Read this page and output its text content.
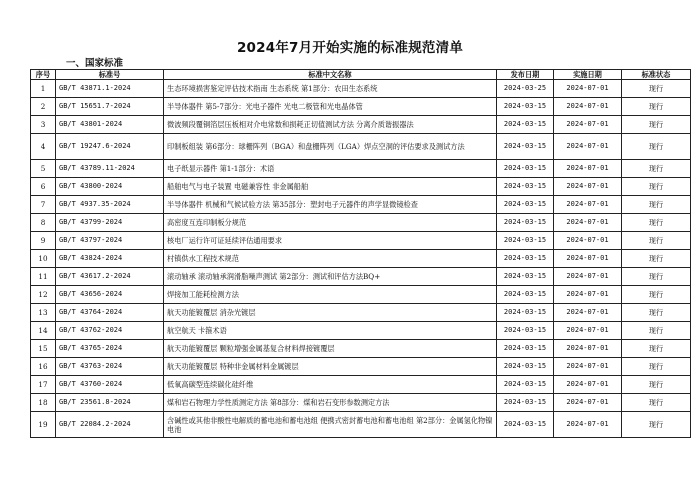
2024年7月开始实施的标准规范清单
一、国家标准
序号	标准号	标准中文名称	发布日期	实施日期	标准状态
1	GB/T 43871.1-2024	生态环境损害鉴定评估技术指南 生态系统 第1部分：农田生态系统	2024-03-25	2024-07-01	现行
2	GB/T 15651.7-2024	半导体器件 第5-7部分：光电子器件 光电二极管和光电晶体管	2024-03-15	2024-07-01	现行
3	GB/T 43801-2024	微波频段覆铜箔层压板相对介电常数和损耗正切值测试方法 分离介质谐振器法	2024-03-15	2024-07-01	现行
4	GB/T 19247.6-2024	印制板组装 第6部分：球栅阵列（BGA）和盘栅阵列（LGA）焊点空洞的评估要求及测试方法	2024-03-15	2024-07-01	现行
5	GB/T 43789.11-2024	电子纸显示器件 第1-1部分：术语	2024-03-15	2024-07-01	现行
6	GB/T 43800-2024	船舶电气与电子装置 电磁兼容性 非金属船舶	2024-03-15	2024-07-01	现行
7	GB/T 4937.35-2024	半导体器件 机械和气候试验方法 第35部分：塑封电子元器件的声学显微镜检查	2024-03-15	2024-07-01	现行
8	GB/T 43799-2024	高密度互连印制板分规范	2024-03-15	2024-07-01	现行
9	GB/T 43797-2024	核电厂运行许可证延续评估通用要求	2024-03-15	2024-07-01	现行
10	GB/T 43824-2024	村镇供水工程技术规范	2024-03-15	2024-07-01	现行
11	GB/T 43617.2-2024	滚动轴承 滚动轴承润滑脂噪声测试 第2部分：测试和评估方法BQ+	2024-03-15	2024-07-01	现行
12	GB/T 43656-2024	焊接加工能耗检测方法	2024-03-15	2024-07-01	现行
13	GB/T 43764-2024	航天功能镀覆层 消杂光镀层	2024-03-15	2024-07-01	现行
14	GB/T 43762-2024	航空航天 卡箍术语	2024-03-15	2024-07-01	现行
15	GB/T 43765-2024	航天功能镀覆层 颗粒增强金属基复合材料焊接镀覆层	2024-03-15	2024-07-01	现行
16	GB/T 43763-2024	航天功能镀覆层 特种非金属材料金属镀层	2024-03-15	2024-07-01	现行
17	GB/T 43760-2024	低氧高碳型连续碳化硅纤维	2024-03-15	2024-07-01	现行
18	GB/T 23561.8-2024	煤和岩石物理力学性质测定方法 第8部分：煤和岩石变形参数测定方法	2024-03-15	2024-07-01	现行
19	GB/T 22084.2-2024	含碱性或其他非酸性电解质的蓄电池和蓄电池组 便携式密封蓄电池和蓄电池组 第2部分：金属氢化物镍电池	2024-03-15	2024-07-01	现行
